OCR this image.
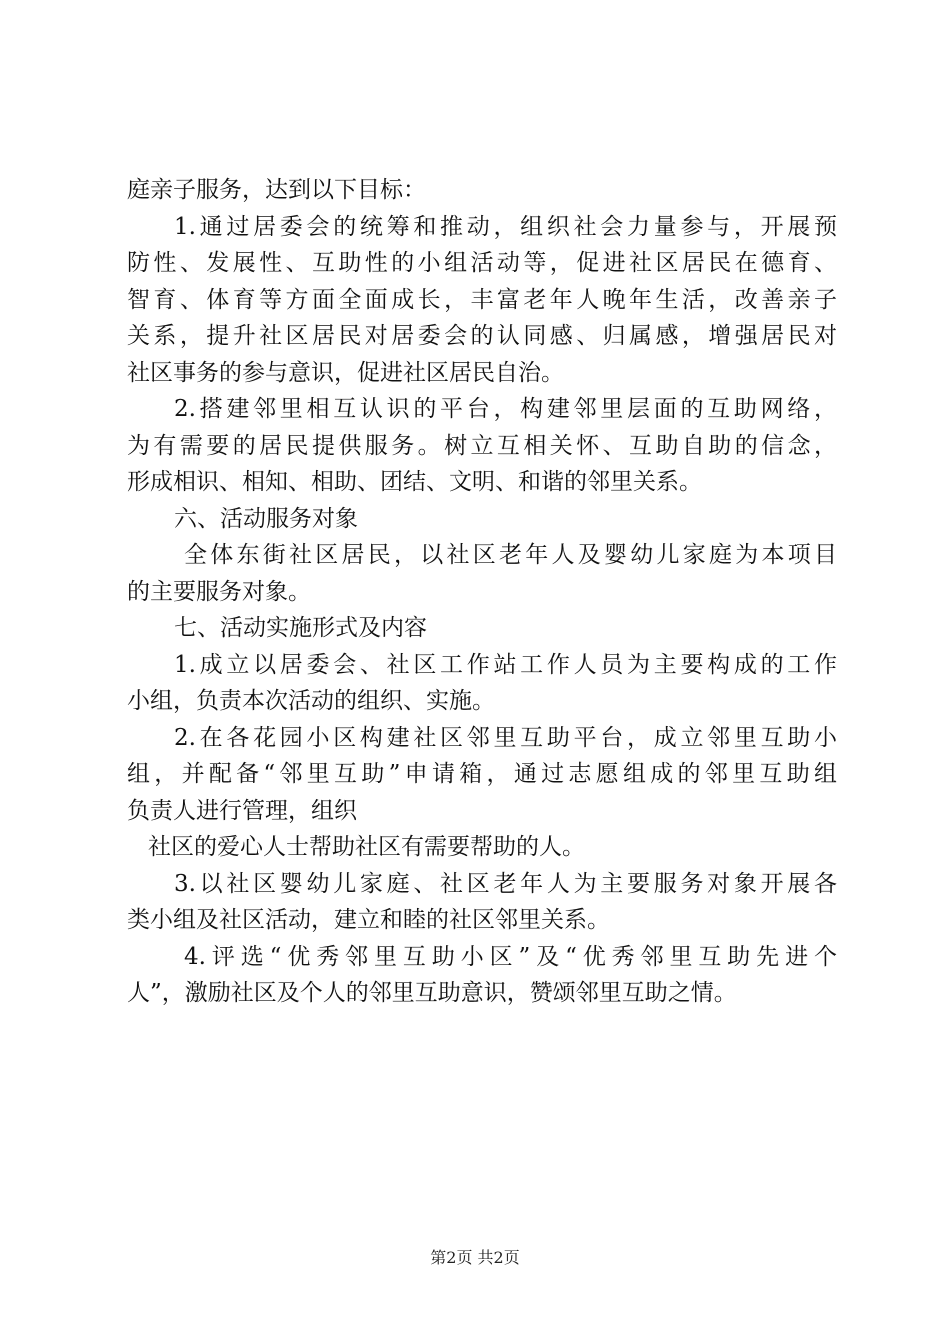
庭亲子服务，达到以下目标：
1.通过居委会的统筹和推动，组织社会力量参与，开展预
防性、发展性、互助性的小组活动等，促进社区居民在德育、
智育、体育等方面全面成长，丰富老年人晚年生活，改善亲子
关系，提升社区居民对居委会的认同感、归属感，增强居民对
社区事务的参与意识，促进社区居民自治。
2.搭建邻里相互认识的平台，构建邻里层面的互助网络，
为有需要的居民提供服务。树立互相关怀、互助自助的信念，
形成相识、相知、相助、团结、文明、和谐的邻里关系。
六、活动服务对象
全体东街社区居民，以社区老年人及婴幼儿家庭为本项目
的主要服务对象。
七、活动实施形式及内容
1.成立以居委会、社区工作站工作人员为主要构成的工作
小组，负责本次活动的组织、实施。
2.在各花园小区构建社区邻里互助平台，成立邻里互助小
组，并配备“邻里互助”申请箱，通过志愿组成的邻里互助组
负责人进行管理，组织
社区的爱心人士帮助社区有需要帮助的人。
3.以社区婴幼儿家庭、社区老年人为主要服务对象开展各
类小组及社区活动，建立和睦的社区邻里关系。
4.评选“优秀邻里互助小区”及“优秀邻里互助先进个
人”，激励社区及个人的邻里互助意识，赞颂邻里互助之情。
第2页 共2页
